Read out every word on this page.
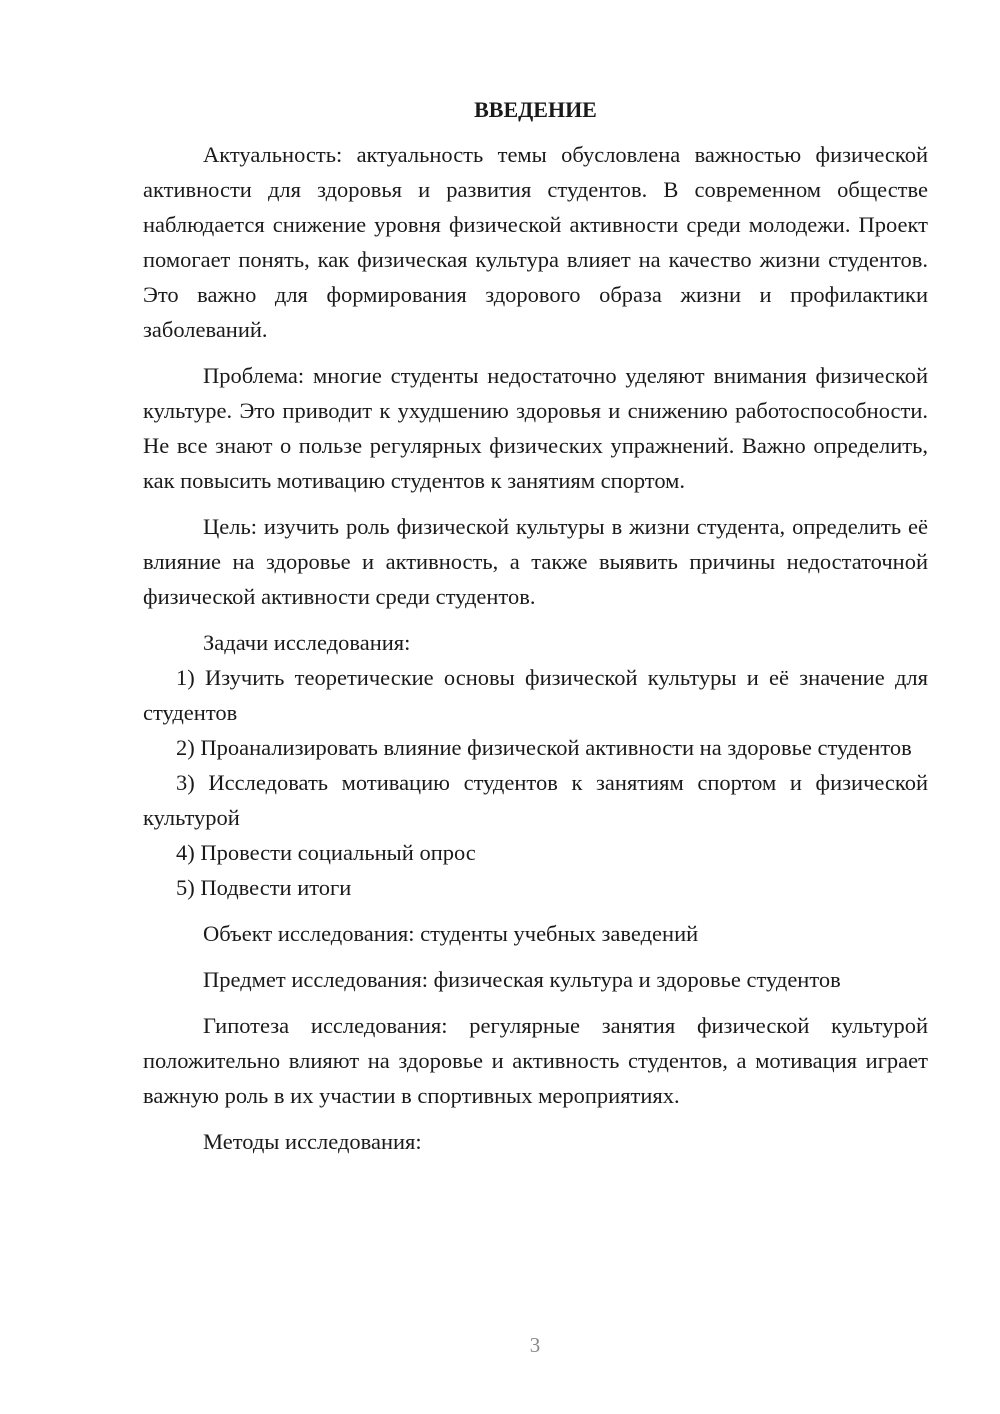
ВВЕДЕНИЕ

Актуальность: актуальность темы обусловлена важностью физической активности для здоровья и развития студентов. В современном обществе наблюдается снижение уровня физической активности среди молодежи. Проект помогает понять, как физическая культура влияет на качество жизни студентов. Это важно для формирования здорового образа жизни и профилактики заболеваний.

Проблема: многие студенты недостаточно уделяют внимания физической культуре. Это приводит к ухудшению здоровья и снижению работоспособности. Не все знают о пользе регулярных физических упражнений. Важно определить, как повысить мотивацию студентов к занятиям спортом.

Цель: изучить роль физической культуры в жизни студента, определить её влияние на здоровье и активность, а также выявить причины недостаточной физической активности среди студентов.

Задачи исследования:

1) Изучить теоретические основы физической культуры и её значение для студентов

2) Проанализировать влияние физической активности на здоровье студентов

3) Исследовать мотивацию студентов к занятиям спортом и физической культурой

4) Провести социальный опрос

5) Подвести итоги

Объект исследования: студенты учебных заведений

Предмет исследования: физическая культура и здоровье студентов

Гипотеза исследования: регулярные занятия физической культурой положительно влияют на здоровье и активность студентов, а мотивация играет важную роль в их участии в спортивных мероприятиях.

Методы исследования:

3
